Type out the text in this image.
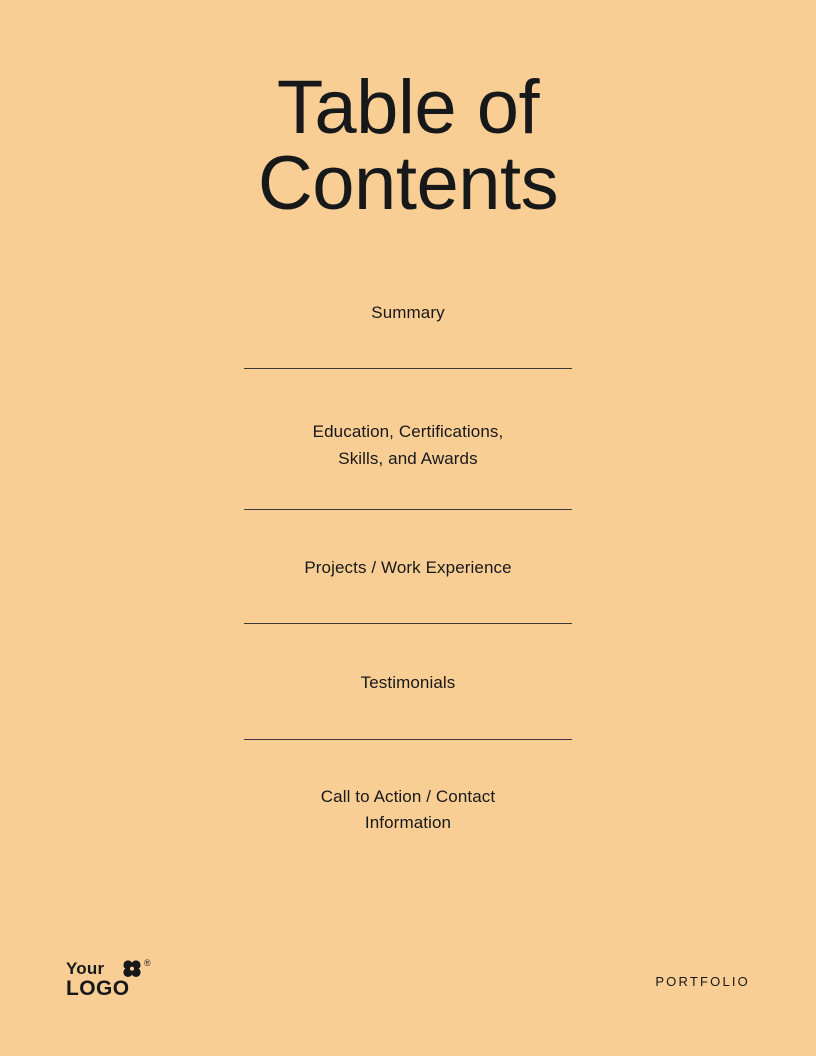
Table of
Contents
Summary
Education, Certifications,
Skills, and Awards
Projects / Work Experience
Testimonials
Call to Action / Contact
Information
Your	®
LOGO	PORTFOLIO
